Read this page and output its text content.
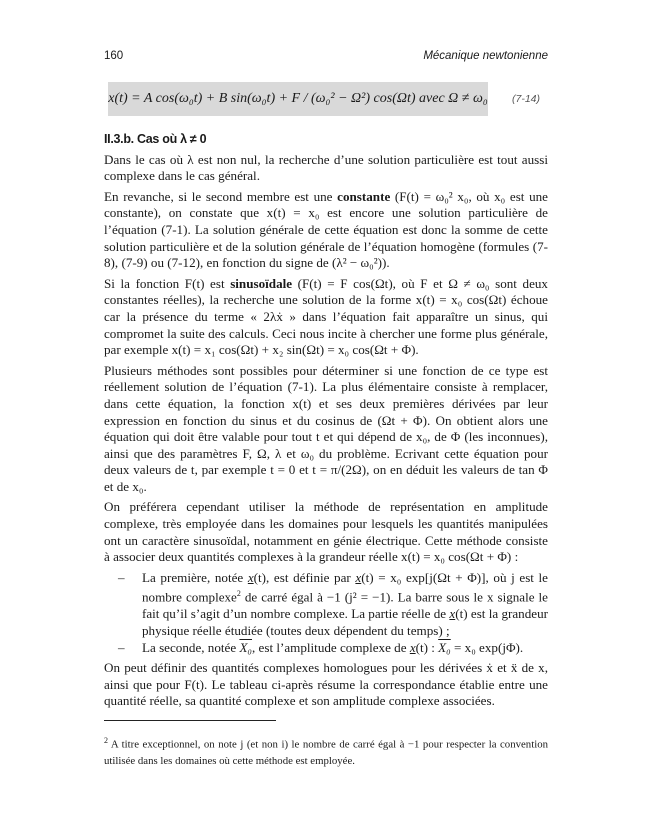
160	Mécanique newtonienne
x(t) = A cos(ω₀t) + B sin(ω₀t) + F / (ω₀² − Ω²) cos(Ωt) avec Ω ≠ ω₀ (7-14)
II.3.b. Cas où λ ≠ 0

Dans le cas où λ est non nul, la recherche d’une solution particulière est tout aussi complexe dans le cas général.

En revanche, si le second membre est une constante (F(t) = ω₀² x₀, où x₀ est une constante), on constate que x(t) = x₀ est encore une solution particulière de l’équation (7-1). La solution générale de cette équation est donc la somme de cette solution particulière et de la solution générale de l’équation homogène (formules (7-8), (7-9) ou (7-12), en fonction du signe de (λ² − ω₀²)).

Si la fonction F(t) est sinusoïdale (F(t) = F cos(Ωt), où F et Ω ≠ ω₀ sont deux constantes réelles), la recherche une solution de la forme x(t) = x₀ cos(Ωt) échoue car la présence du terme « 2λẋ » dans l’équation fait apparaître un sinus, qui compromet la suite des calculs. Ceci nous incite à chercher une forme plus générale, par exemple x(t) = x₁ cos(Ωt) + x₂ sin(Ωt) = x₀ cos(Ωt + Φ).

Plusieurs méthodes sont possibles pour déterminer si une fonction de ce type est réellement solution de l’équation (7-1). La plus élémentaire consiste à remplacer, dans cette équation, la fonction x(t) et ses deux premières dérivées par leur expression en fonction du sinus et du cosinus de (Ωt + Φ). On obtient alors une équation qui doit être valable pour tout t et qui dépend de x₀, de Φ (les inconnues), ainsi que des paramètres F, Ω, λ et ω₀ du problème. Ecrivant cette équation pour deux valeurs de t, par exemple t = 0 et t = π/(2Ω), on en déduit les valeurs de tan Φ et de x₀.

On préférera cependant utiliser la méthode de représentation en amplitude complexe, très employée dans les domaines pour lesquels les quantités manipulées ont un caractère sinusoïdal, notamment en génie électrique. Cette méthode consiste à associer deux quantités complexes à la grandeur réelle x(t) = x₀ cos(Ωt + Φ) :

– La première, notée x(t), est définie par x(t) = x₀ exp[j(Ωt + Φ)], où j est le nombre complexe$^2$ de carré égal à −1 (j² = −1). La barre sous le x signale le fait qu’il s’agit d’un nombre complexe. La partie réelle de x(t) est la grandeur physique réelle étudiée (toutes deux dépendent du temps) ;
– La seconde, notée X₀, est l’amplitude complexe de x(t) : X₀ = x₀ exp(jΦ).

On peut définir des quantités complexes homologues pour les dérivées ẋ et ẍ de x, ainsi que pour F(t). Le tableau ci-après résume la correspondance établie entre une quantité réelle, sa quantité complexe et son amplitude complexe associées.

$^2$ A titre exceptionnel, on note j (et non i) le nombre de carré égal à −1 pour respecter la convention utilisée dans les domaines où cette méthode est employée.
